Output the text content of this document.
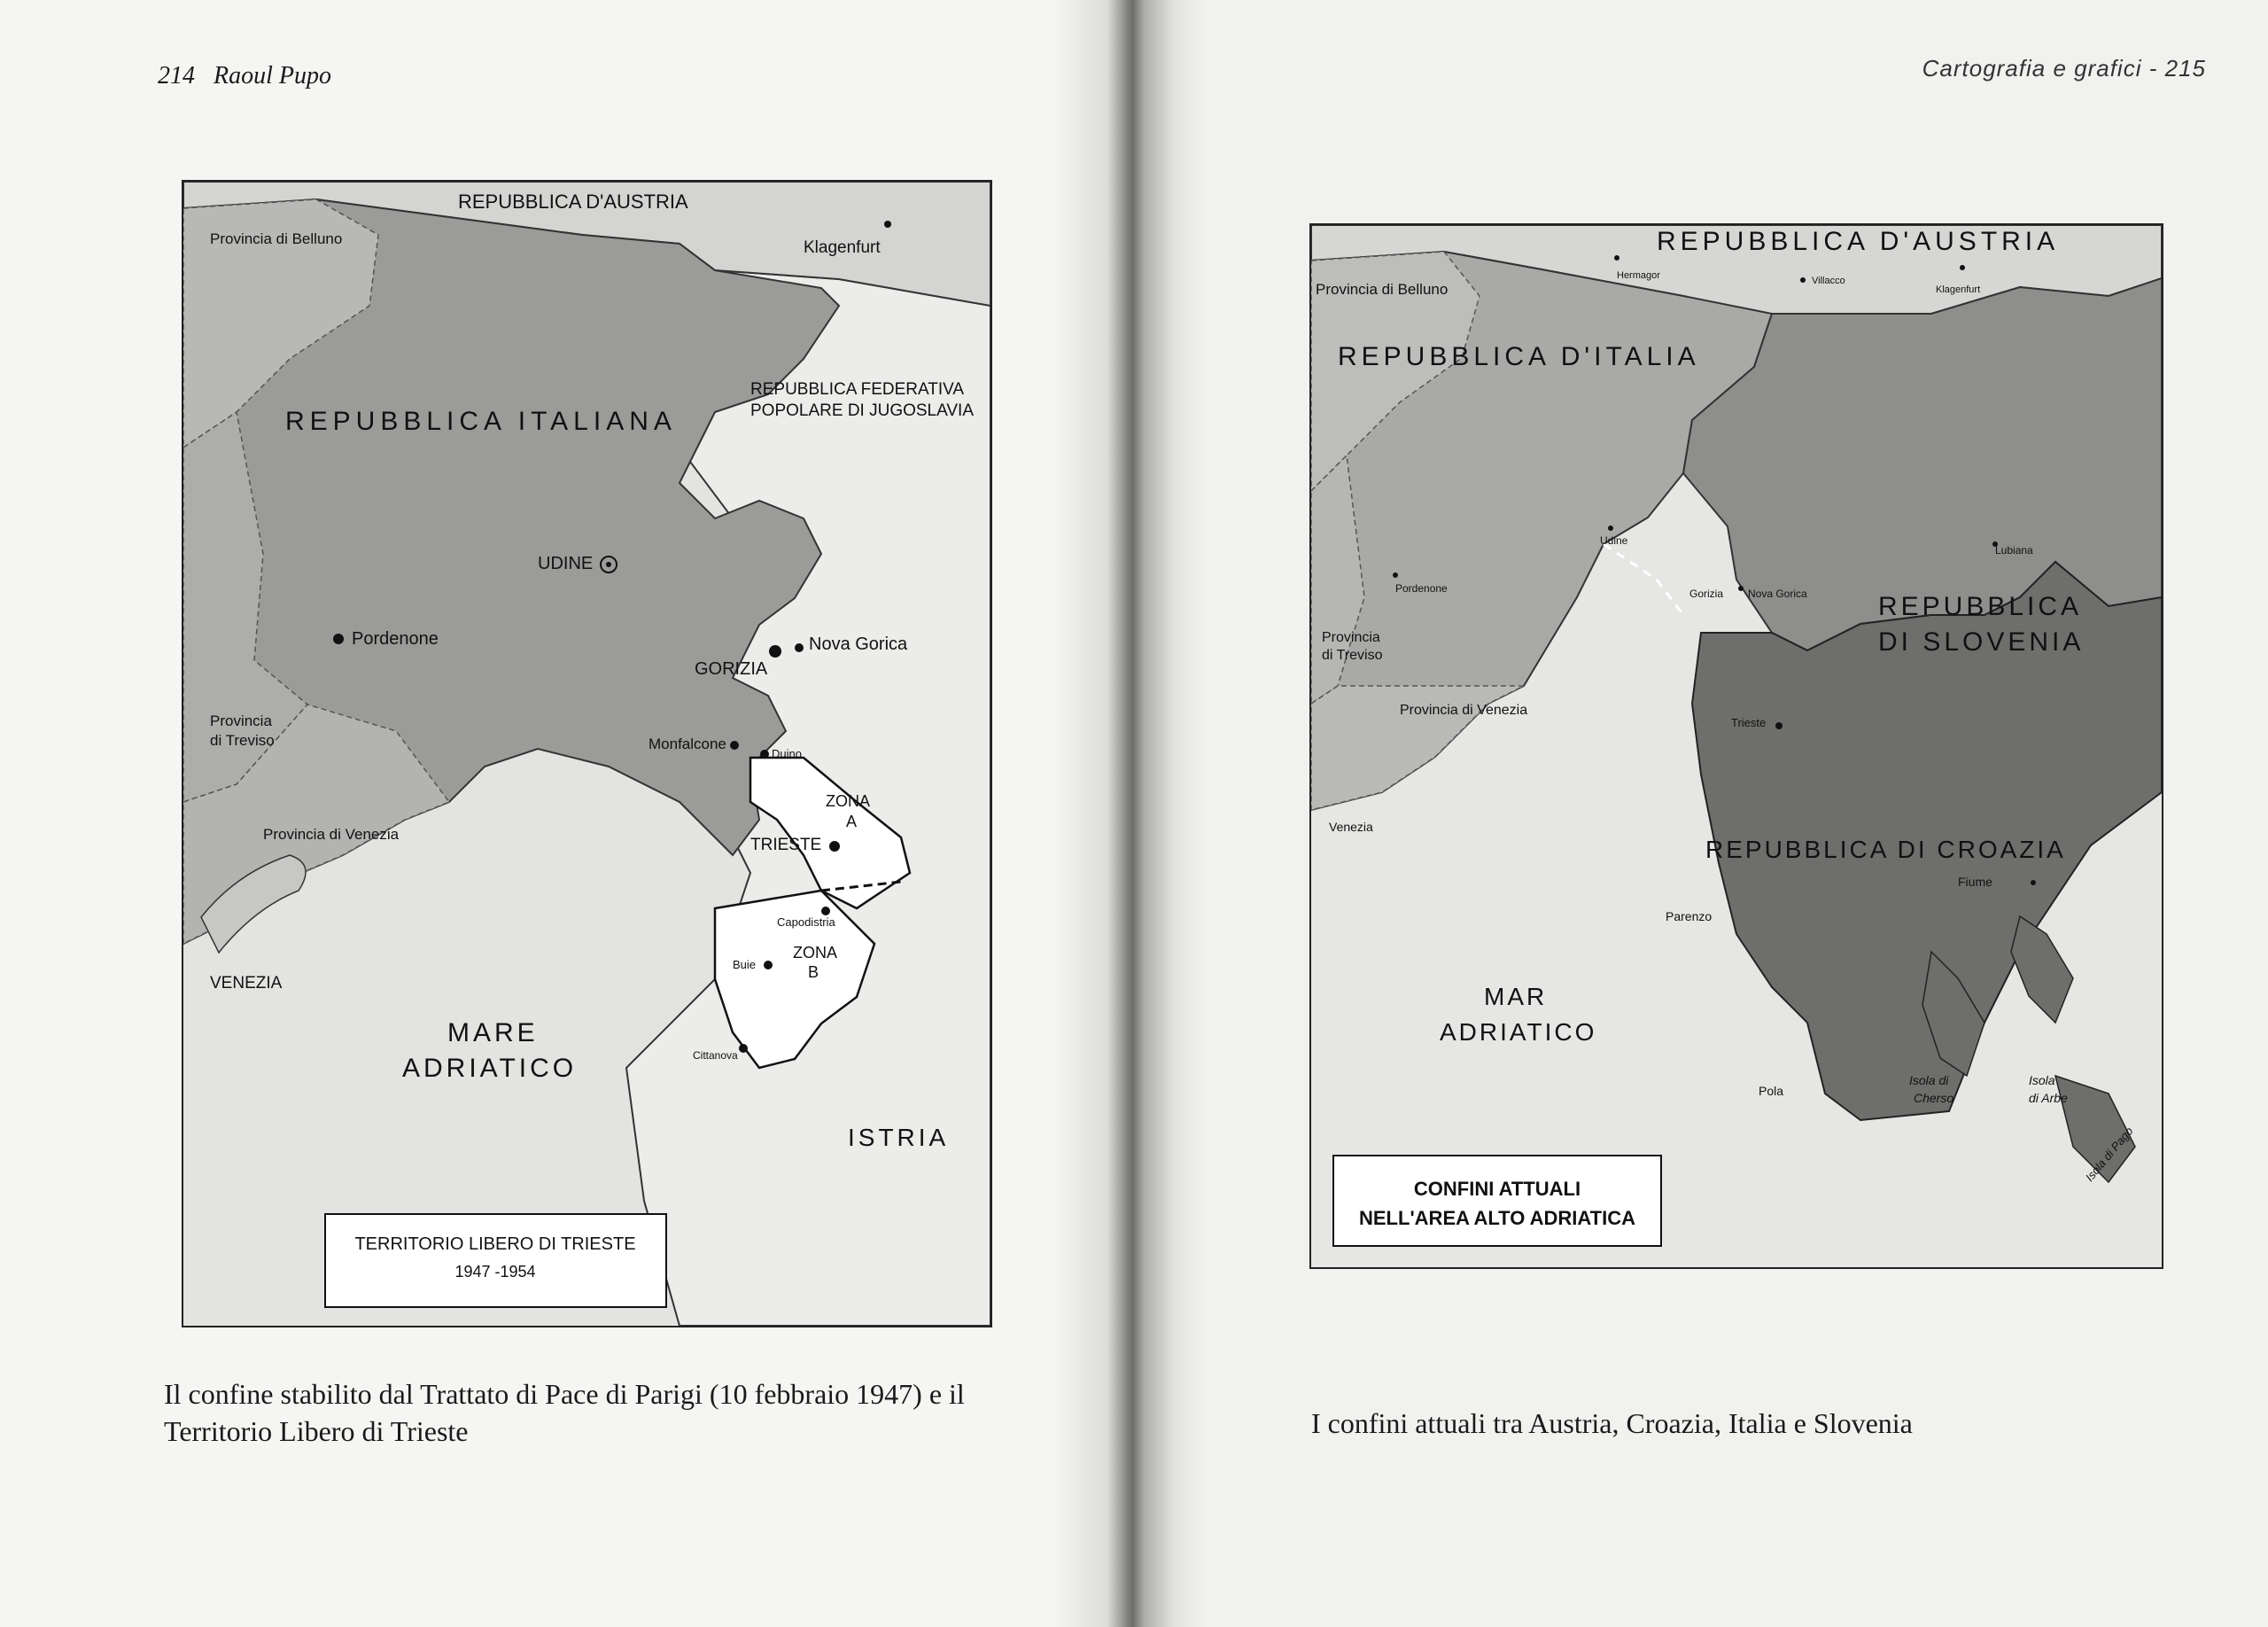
214 Raoul Pupo
REPUBBLICA D'AUSTRIA
Klagenfurt
Provincia di Belluno
REPUBBLICA ITALIANA
REPUBBLICA FEDERATIVA
POPOLARE DI JUGOSLAVIA
UDINE
Pordenone	Nova Gorica
GORIZIA
Provincia
di Treviso	Monfalcone
Duino
ZONA
A
Provincia di Venezia
TRIESTE
Capodistria
Buie
ZONA
B
VENEZIA
MARE
ADRIATICO	Cittanova
ISTRIA
TERRITORIO LIBERO DI TRIESTE
1947 -1954
Il confine stabilito dal Trattato di Pace di Parigi (10 febbraio 1947) e il Territorio Libero di Trieste
Cartografia e grafici - 215
REPUBBLICA D'AUSTRIA
Hermagor	Villacco
Klagenfurt
Provincia di Belluno
REPUBBLICA D'ITALIA
Udine
Lubiana
Pordenone	Gorizia Nova Gorica	REPUBBLICA
DI SLOVENIA
Provincia
di Treviso
Provincia di Venezia
Trieste
Venezia
REPUBBLICA DI CROAZIA
Fiume
Parenzo
MAR
ADRIATICO
Pola
Isola di
Cherso
Isola
di Arbe
Isola di Pago
CONFINI ATTUALI
NELL'AREA ALTO ADRIATICA
I confini attuali tra Austria, Croazia, Italia e Slovenia
